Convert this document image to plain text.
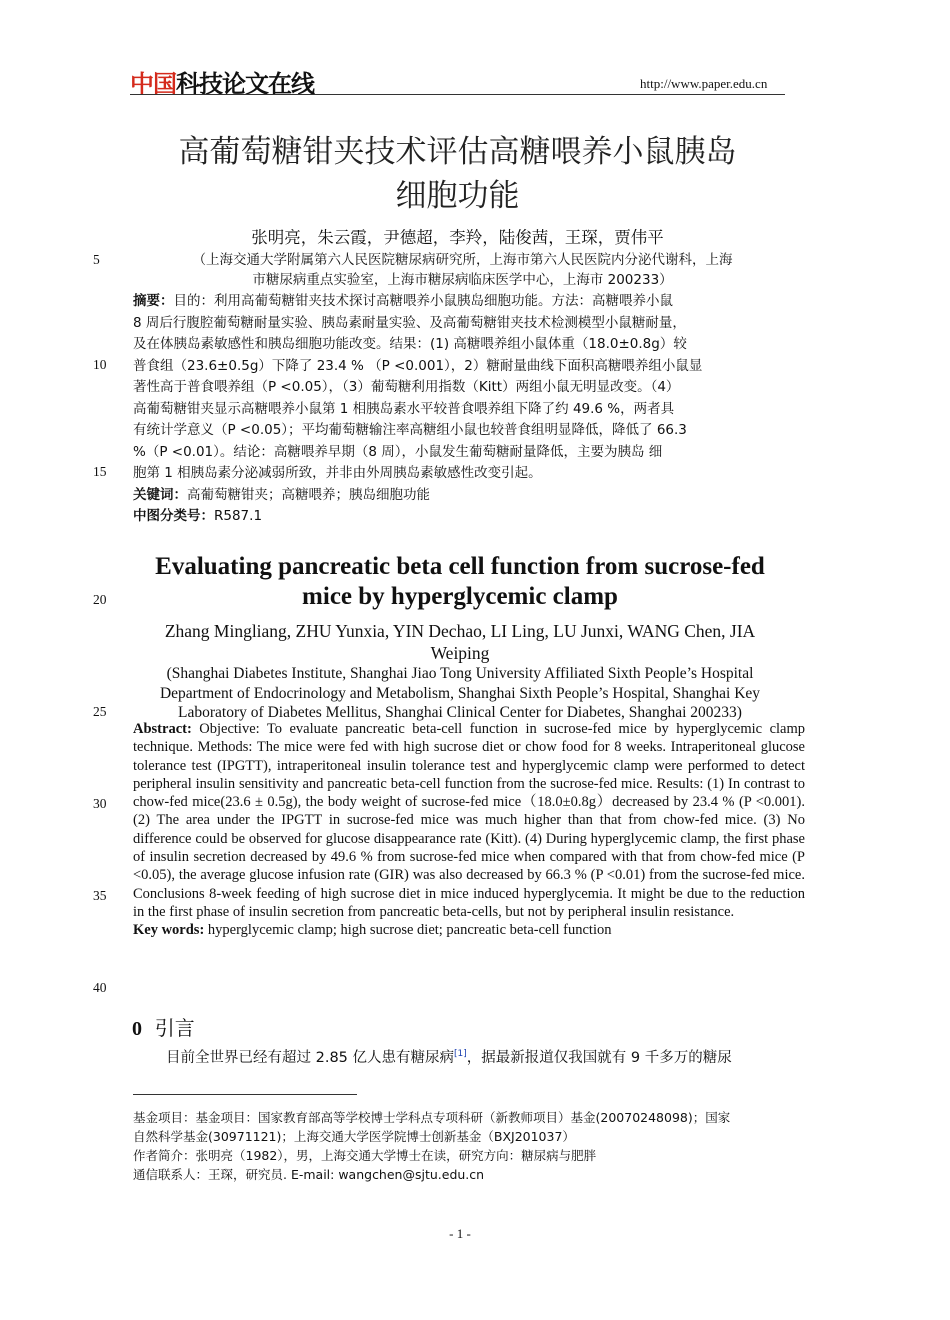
中国科技论文在线	http://www.paper.edu.cn
高葡萄糖钳夹技术评估高糖喂养小鼠胰岛
细胞功能
张明亮，朱云霞，尹德超，李羚，陆俊茜，王琛，贾伟平
5
10
15
20
25
30
35
40
（上海交通大学附属第六人民医院糖尿病研究所，上海市第六人民医院内分泌代谢科，上海
市糖尿病重点实验室，上海市糖尿病临床医学中心，上海市 200233）
摘要：目的：利用高葡萄糖钳夹技术探讨高糖喂养小鼠胰岛细胞功能。方法：高糖喂养小鼠
8 周后行腹腔葡萄糖耐量实验、胰岛素耐量实验、及高葡萄糖钳夹技术检测模型小鼠糖耐量，
及在体胰岛素敏感性和胰岛细胞功能改变。结果：(1) 高糖喂养组小鼠体重（18.0±0.8g）较
普食组（23.6±0.5g）下降了 23.4 % （P <0.001），2）糖耐量曲线下面积高糖喂养组小鼠显
著性高于普食喂养组（P <0.05），（3）葡萄糖利用指数（Kitt）两组小鼠无明显改变。（4）
高葡萄糖钳夹显示高糖喂养小鼠第 1 相胰岛素水平较普食喂养组下降了约 49.6 %，两者具
有统计学意义（P <0.05）；平均葡萄糖输注率高糖组小鼠也较普食组明显降低，降低了 66.3
%（P <0.01）。结论：高糖喂养早期（8 周），小鼠发生葡萄糖耐量降低，主要为胰岛 细
胞第 1 相胰岛素分泌减弱所致，并非由外周胰岛素敏感性改变引起。
关键词：高葡萄糖钳夹；高糖喂养；胰岛细胞功能
中图分类号：R587.1
Evaluating pancreatic beta cell function from sucrose-fed
mice by hyperglycemic clamp
Zhang Mingliang, ZHU Yunxia, YIN Dechao, LI Ling, LU Junxi, WANG Chen, JIA
Weiping
(Shanghai Diabetes Institute, Shanghai Jiao Tong University Affiliated Sixth People’s Hospital
Department of Endocrinology and Metabolism, Shanghai Sixth People’s Hospital, Shanghai Key
Laboratory of Diabetes Mellitus, Shanghai Clinical Center for Diabetes, Shanghai 200233)
Abstract: Objective: To evaluate pancreatic beta-cell function in sucrose-fed mice by hyperglycemic clamp technique. Methods: The mice were fed with high sucrose diet or chow food for 8 weeks. Intraperitoneal glucose tolerance test (IPGTT), intraperitoneal insulin tolerance test and hyperglycemic clamp were performed to detect peripheral insulin sensitivity and pancreatic beta-cell function from the sucrose-fed mice. Results: (1) In contrast to chow-fed mice(23.6 ± 0.5g), the body weight of sucrose-fed mice（18.0±0.8g）decreased by 23.4 % (P <0.001). (2) The area under the IPGTT in sucrose-fed mice was much higher than that from chow-fed mice. (3) No difference could be observed for glucose disappearance rate (Kitt). (4) During hyperglycemic clamp, the first phase of insulin secretion decreased by 49.6 % from sucrose-fed mice when compared with that from chow-fed mice (P <0.05), the average glucose infusion rate (GIR) was also decreased by 66.3 % (P <0.01) from the sucrose-fed mice. Conclusions 8-week feeding of high sucrose diet in mice induced hyperglycemia. It might be due to the reduction in the first phase of insulin secretion from pancreatic beta-cells, but not by peripheral insulin resistance.
Key words: hyperglycemic clamp; high sucrose diet; pancreatic beta-cell function
0 引言
目前全世界已经有超过 2.85 亿人患有糖尿病[1]，据最新报道仅我国就有 9 千多万的糖尿
基金项目：基金项目：国家教育部高等学校博士学科点专项科研（新教师项目）基金(20070248098)；国家
自然科学基金(30971121)；上海交通大学医学院博士创新基金（BXJ201037）
作者简介：张明亮（1982），男，上海交通大学博士在读，研究方向：糖尿病与肥胖
通信联系人：王琛，研究员. E-mail: wangchen@sjtu.edu.cn
- 1 -
